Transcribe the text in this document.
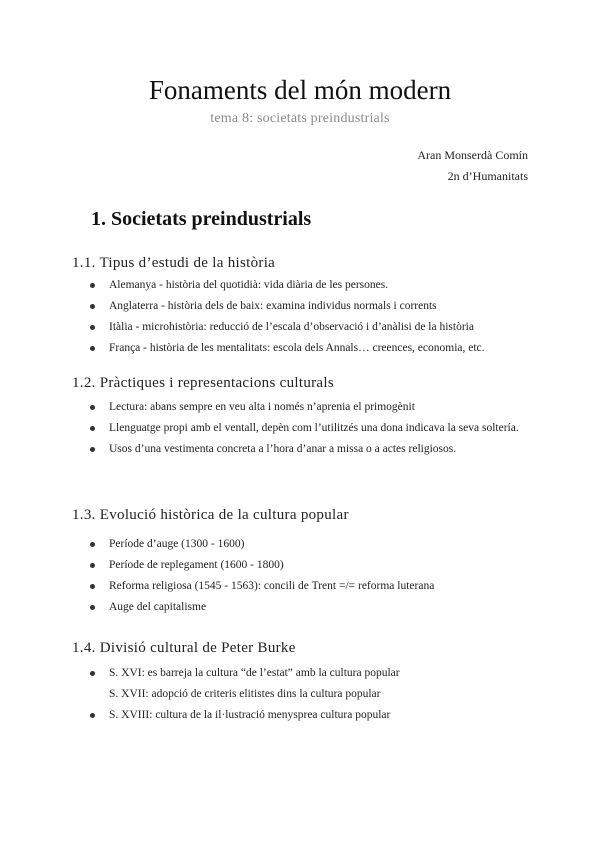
Fonaments del món modern
tema 8: societats preindustrials
Aran Monserdà Comín
2n d’Humanitats
1. Societats preindustrials
1.1. Tipus d’estudi de la història
Alemanya - història del quotidià: vida diària de les persones.
Anglaterra - història dels de baix: examina individus normals i corrents
Itàlia - microhistòria: reducció de l’escala d’observació i d’anàlisi de la història
França - història de les mentalitats: escola dels Annals… creences, economia, etc.
1.2. Pràctiques i representacions culturals
Lectura: abans sempre en veu alta i només n’aprenia el primogènit
Llenguatge propi amb el ventall, depèn com l’utilitzés una dona indicava la seva soltería.
Usos d’una vestimenta concreta a l’hora d’anar a missa o a actes religiosos.
1.3. Evolució històrica de la cultura popular
Període d’auge (1300 - 1600)
Període de replegament (1600 - 1800)
Reforma religiosa (1545 - 1563): concili de Trent =/= reforma luterana
Auge del capitalisme
1.4. Divisió cultural de Peter Burke
S. XVI: es barreja la cultura “de l’estat” amb la cultura popular
S. XVII: adopció de criteris elitistes dins la cultura popular
S. XVIII: cultura de la il·lustració menysprea cultura popular
